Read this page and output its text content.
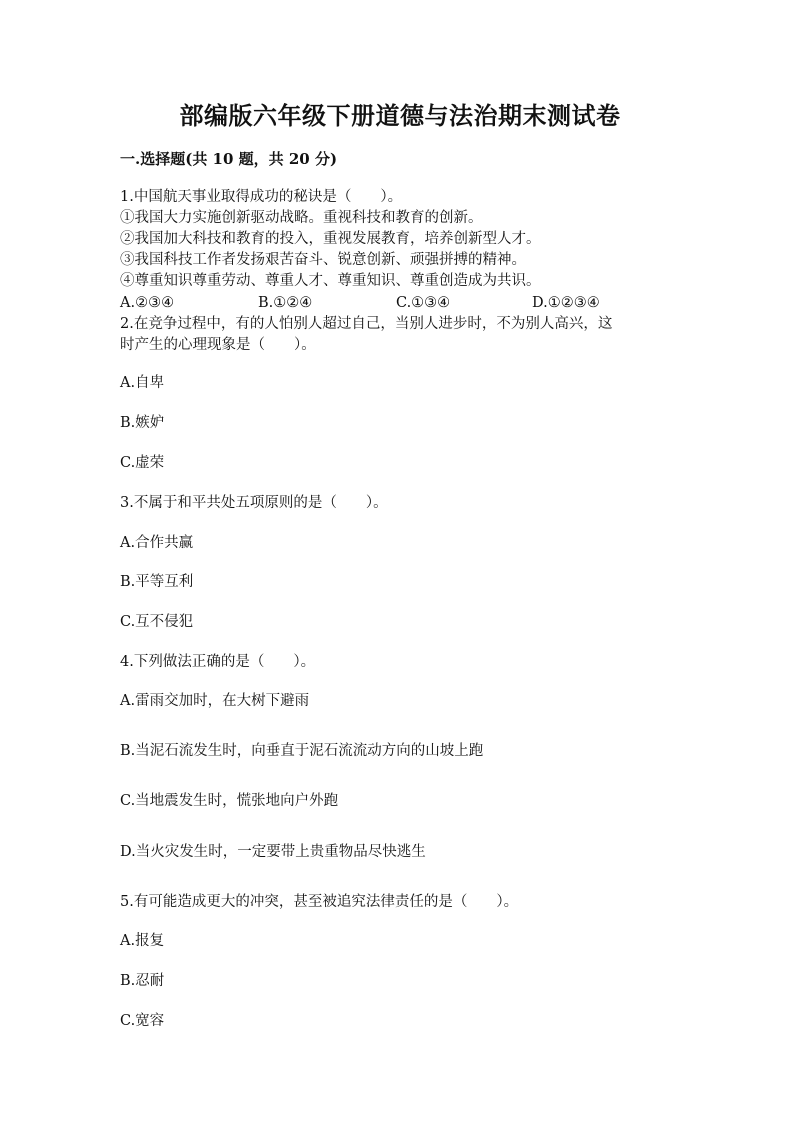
部编版六年级下册道德与法治期末测试卷
一.选择题(共 10 题，共 20 分)
1.中国航天事业取得成功的秘诀是（　　）。
①我国大力实施创新驱动战略。重视科技和教育的创新。
②我国加大科技和教育的投入，重视发展教育，培养创新型人才。
③我国科技工作者发扬艰苦奋斗、锐意创新、顽强拼搏的精神。
④尊重知识尊重劳动、尊重人才、尊重知识、尊重创造成为共识。
A.②③④	B.①②④	C.①③④	D.①②③④
2.在竞争过程中，有的人怕别人超过自己，当别人进步时，不为别人高兴，这
时产生的心理现象是（　　）。
A.自卑
B.嫉妒
C.虚荣
3.不属于和平共处五项原则的是（　　）。
A.合作共赢
B.平等互利
C.互不侵犯
4.下列做法正确的是（　　）。
A.雷雨交加时，在大树下避雨
B.当泥石流发生时，向垂直于泥石流流动方向的山坡上跑
C.当地震发生时，慌张地向户外跑
D.当火灾发生时，一定要带上贵重物品尽快逃生
5.有可能造成更大的冲突，甚至被追究法律责任的是（　　）。
A.报复
B.忍耐
C.宽容
